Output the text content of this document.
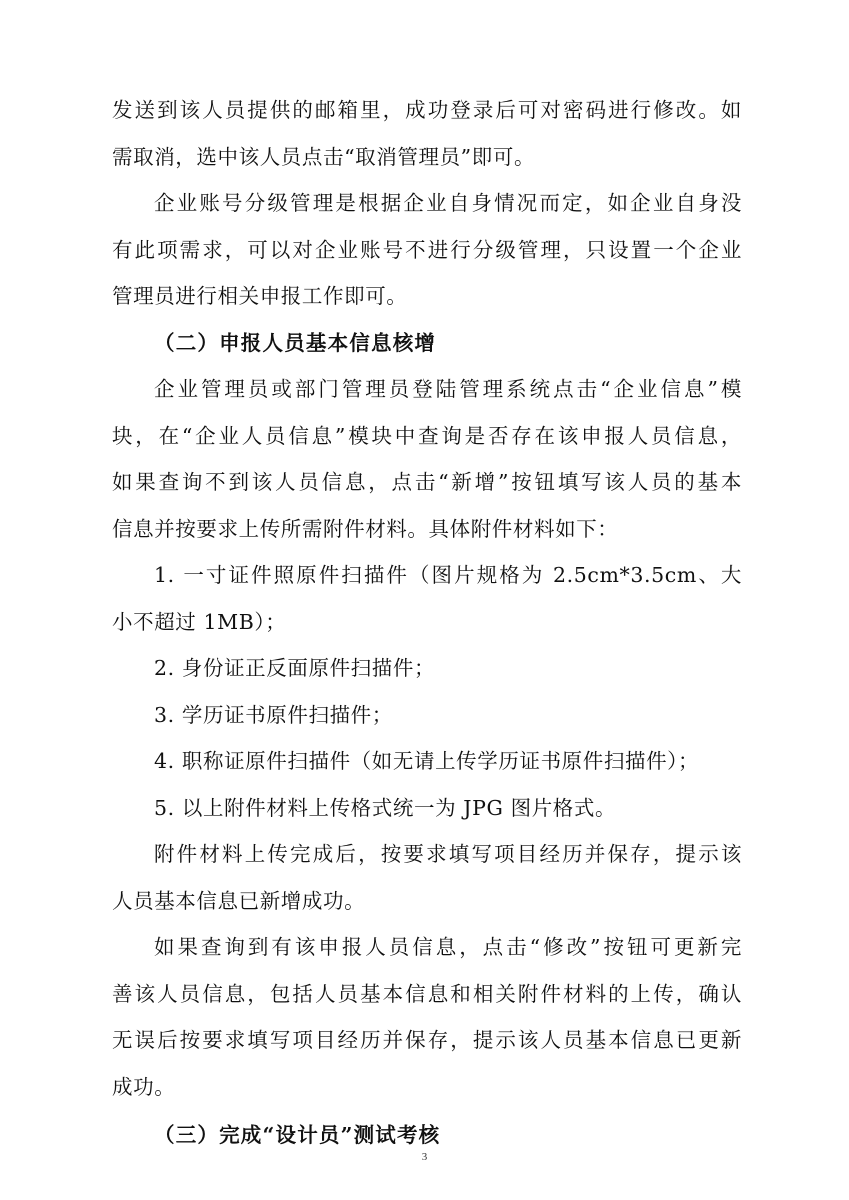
发送到该人员提供的邮箱里，成功登录后可对密码进行修改。如
需取消，选中该人员点击“取消管理员”即可。
企业账号分级管理是根据企业自身情况而定，如企业自身没
有此项需求，可以对企业账号不进行分级管理，只设置一个企业
管理员进行相关申报工作即可。
（二）申报人员基本信息核增
企业管理员或部门管理员登陆管理系统点击“企业信息”模
块，在“企业人员信息”模块中查询是否存在该申报人员信息，
如果查询不到该人员信息，点击“新增”按钮填写该人员的基本
信息并按要求上传所需附件材料。具体附件材料如下：
1. 一寸证件照原件扫描件（图片规格为 2.5cm*3.5cm、大
小不超过 1MB）；
2. 身份证正反面原件扫描件；
3. 学历证书原件扫描件；
4. 职称证原件扫描件（如无请上传学历证书原件扫描件）；
5. 以上附件材料上传格式统一为 JPG 图片格式。
附件材料上传完成后，按要求填写项目经历并保存，提示该
人员基本信息已新增成功。
如果查询到有该申报人员信息，点击“修改”按钮可更新完
善该人员信息，包括人员基本信息和相关附件材料的上传，确认
无误后按要求填写项目经历并保存，提示该人员基本信息已更新
成功。
（三）完成“设计员”测试考核
3
